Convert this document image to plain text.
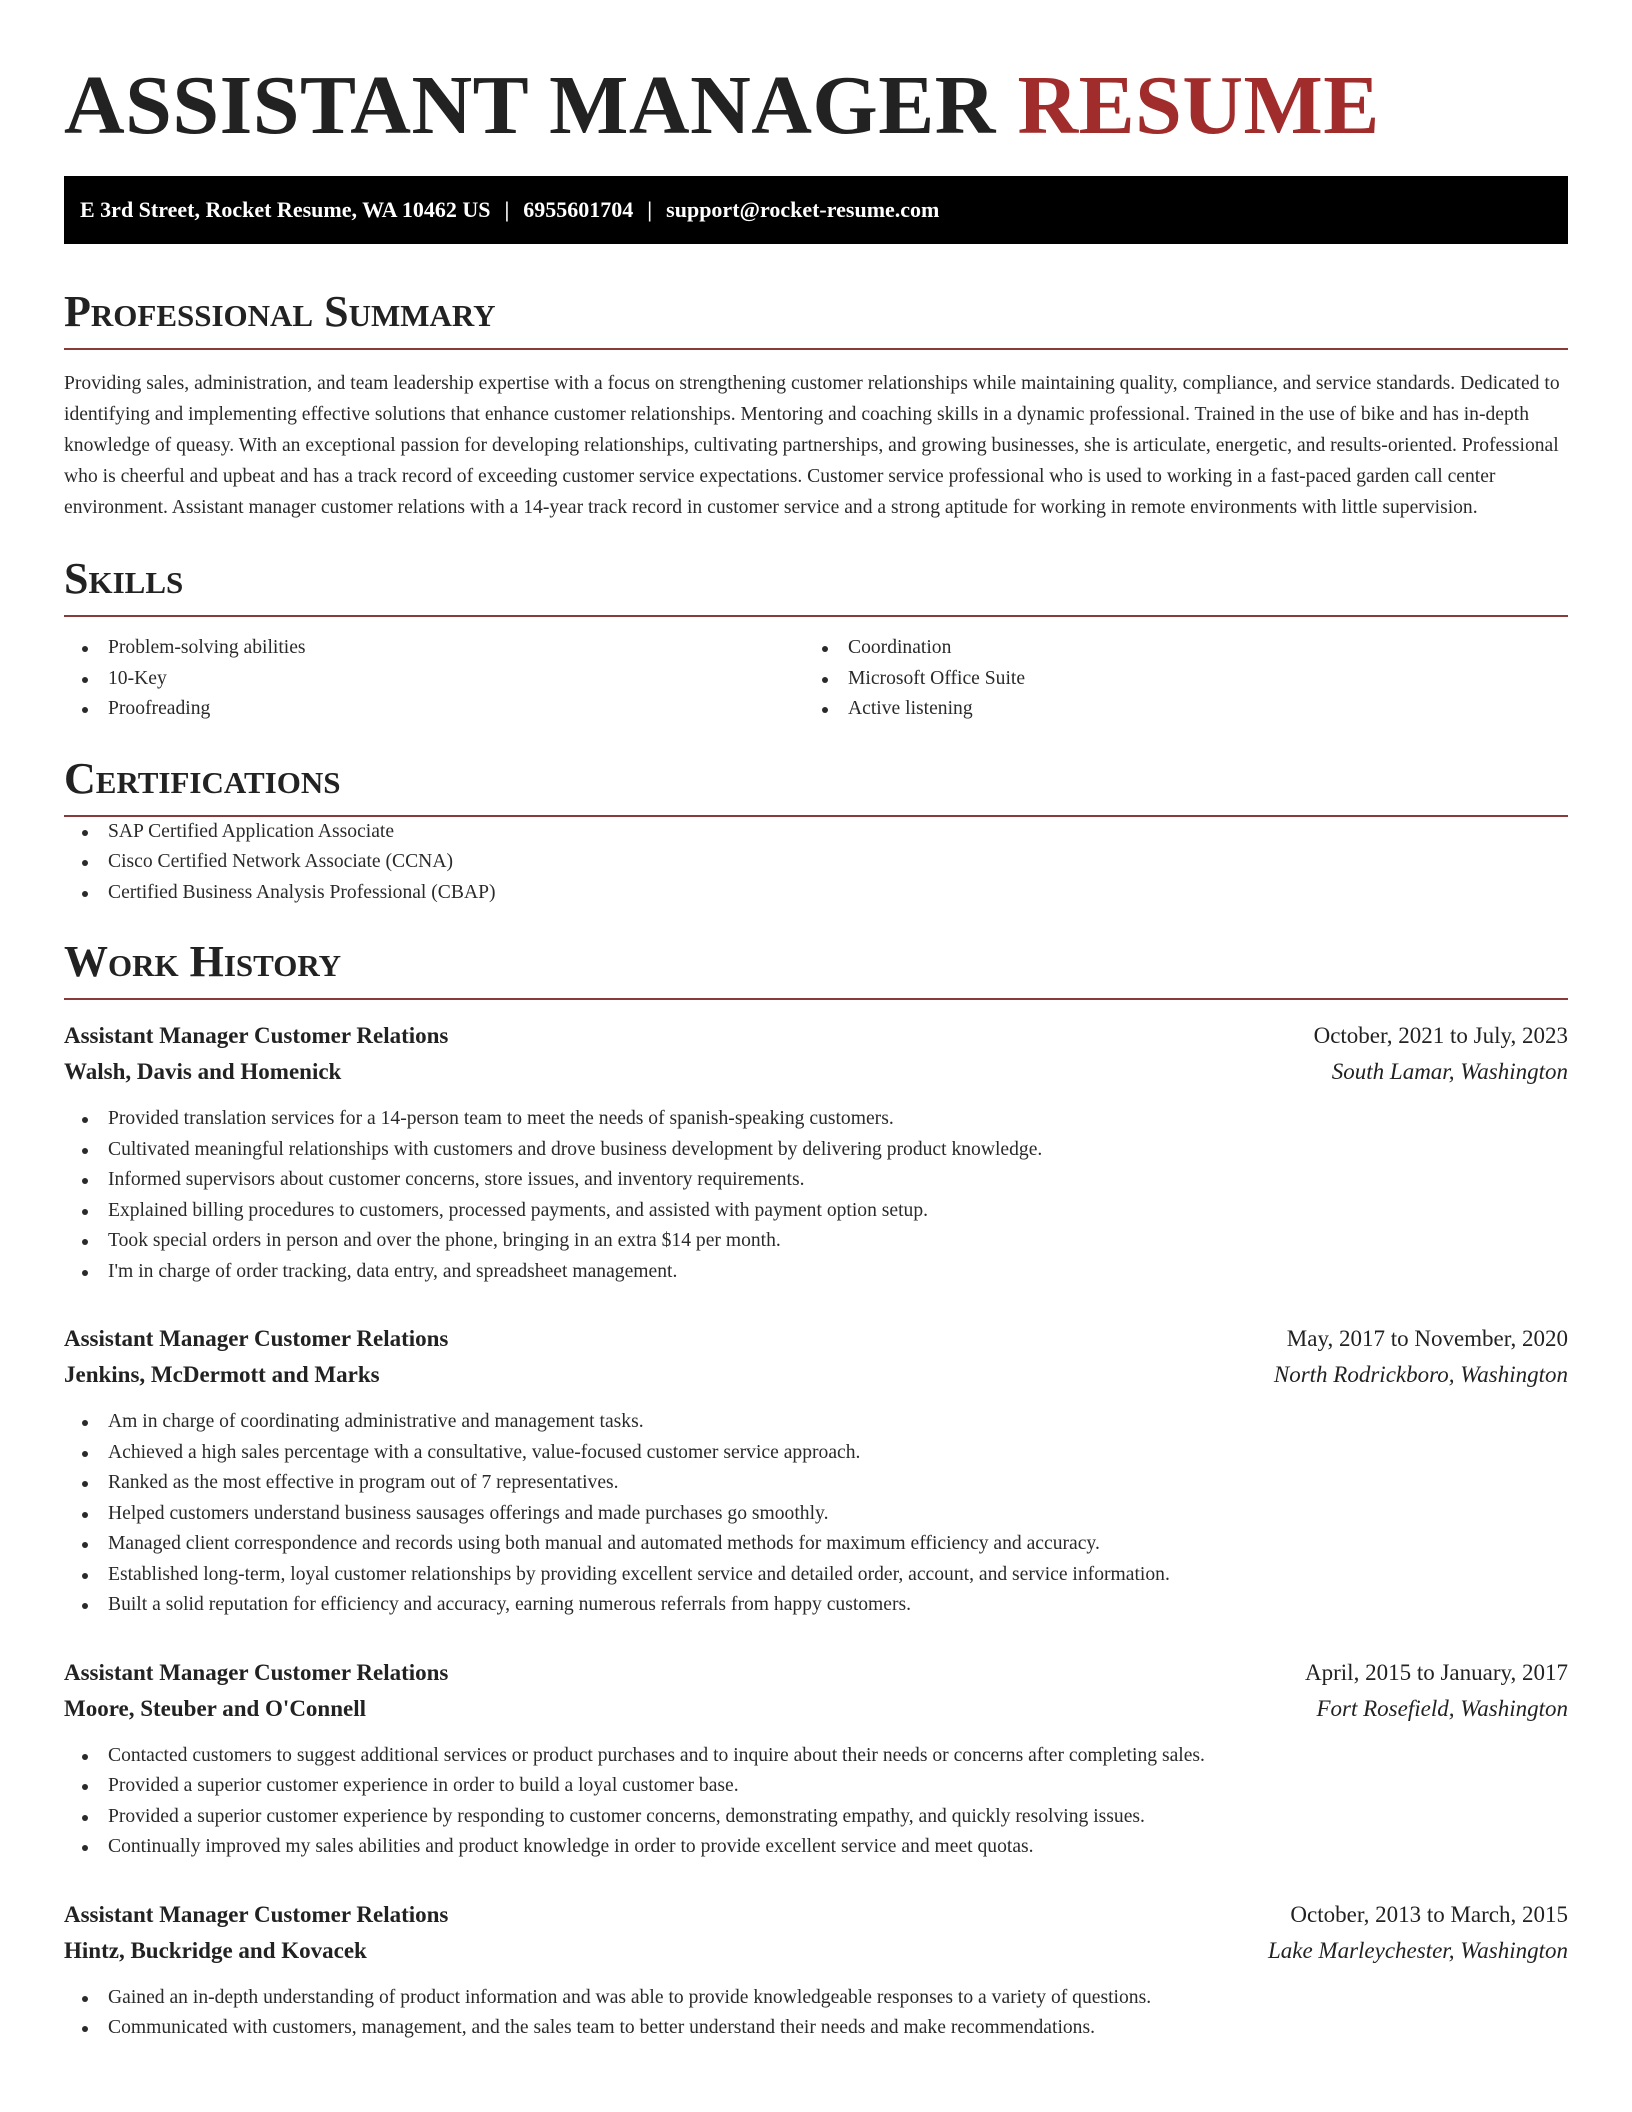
ASSISTANT MANAGER RESUME
E 3rd Street, Rocket Resume, WA 10462 US | 6955601704 | support@rocket-resume.com
Professional Summary

Providing sales, administration, and team leadership expertise with a focus on strengthening customer relationships while maintaining quality, compliance, and service standards. Dedicated to identifying and implementing effective solutions that enhance customer relationships. Mentoring and coaching skills in a dynamic professional. Trained in the use of bike and has in-depth knowledge of queasy. With an exceptional passion for developing relationships, cultivating partnerships, and growing businesses, she is articulate, energetic, and results-oriented. Professional who is cheerful and upbeat and has a track record of exceeding customer service expectations. Customer service professional who is used to working in a fast-paced garden call center environment. Assistant manager customer relations with a 14-year track record in customer service and a strong aptitude for working in remote environments with little supervision.

Skills
Problem-solving abilities
10-Key
Proofreading
Coordination
Microsoft Office Suite
Active listening
Certifications
SAP Certified Application Associate
Cisco Certified Network Associate (CCNA)
Certified Business Analysis Professional (CBAP)
Work History
Assistant Manager Customer Relations	October, 2021 to July, 2023
Walsh, Davis and Homenick	South Lamar, Washington
Provided translation services for a 14-person team to meet the needs of spanish-speaking customers.
Cultivated meaningful relationships with customers and drove business development by delivering product knowledge.
Informed supervisors about customer concerns, store issues, and inventory requirements.
Explained billing procedures to customers, processed payments, and assisted with payment option setup.
Took special orders in person and over the phone, bringing in an extra $14 per month.
I'm in charge of order tracking, data entry, and spreadsheet management.
Assistant Manager Customer Relations	May, 2017 to November, 2020
Jenkins, McDermott and Marks	North Rodrickboro, Washington
Am in charge of coordinating administrative and management tasks.
Achieved a high sales percentage with a consultative, value-focused customer service approach.
Ranked as the most effective in program out of 7 representatives.
Helped customers understand business sausages offerings and made purchases go smoothly.
Managed client correspondence and records using both manual and automated methods for maximum efficiency and accuracy.
Established long-term, loyal customer relationships by providing excellent service and detailed order, account, and service information.
Built a solid reputation for efficiency and accuracy, earning numerous referrals from happy customers.
Assistant Manager Customer Relations	April, 2015 to January, 2017
Moore, Steuber and O'Connell	Fort Rosefield, Washington
Contacted customers to suggest additional services or product purchases and to inquire about their needs or concerns after completing sales.
Provided a superior customer experience in order to build a loyal customer base.
Provided a superior customer experience by responding to customer concerns, demonstrating empathy, and quickly resolving issues.
Continually improved my sales abilities and product knowledge in order to provide excellent service and meet quotas.
Assistant Manager Customer Relations	October, 2013 to March, 2015
Hintz, Buckridge and Kovacek	Lake Marleychester, Washington
Gained an in-depth understanding of product information and was able to provide knowledgeable responses to a variety of questions.
Communicated with customers, management, and the sales team to better understand their needs and make recommendations.
